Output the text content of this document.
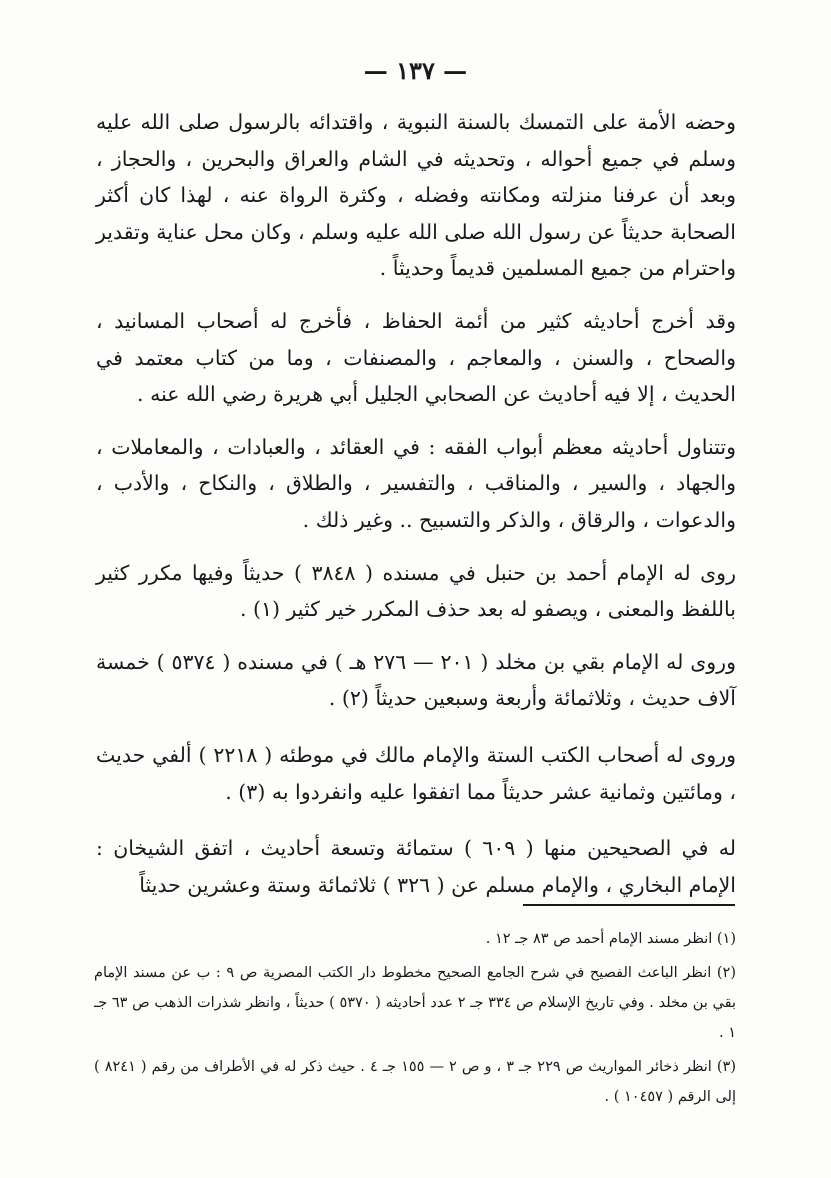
— ١٣٧ —

وحضه الأمة على التمسك بالسنة النبوية ، واقتدائه بالرسول صلى الله عليه وسلم في جميع أحواله ، وتحديثه في الشام والعراق والبحرين ، والحجاز ، وبعد أن عرفنا منزلته ومكانته وفضله ، وكثرة الرواة عنه ، لهذا كان أكثر الصحابة حديثاً عن رسول الله صلى الله عليه وسلم ، وكان محل عناية وتقدير واحترام من جميع المسلمين قديماً وحديثاً .

وقد أخرج أحاديثه كثير من أئمة الحفاظ ، فأخرج له أصحاب المسانيد ، والصحاح ، والسنن ، والمعاجم ، والمصنفات ، وما من كتاب معتمد في الحديث ، إلا فيه أحاديث عن الصحابي الجليل أبي هريرة رضي الله عنه .

وتتناول أحاديثه معظم أبواب الفقه : في العقائد ، والعبادات ، والمعاملات ، والجهاد ، والسير ، والمناقب ، والتفسير ، والطلاق ، والنكاح ، والأدب ، والدعوات ، والرقاق ، والذكر والتسبيح .. وغير ذلك .

روى له الإمام أحمد بن حنبل في مسنده ( ٣٨٤٨ ) حديثاً وفيها مكرر كثير باللفظ والمعنى ، ويصفو له بعد حذف المكرر خير كثير (١) .

وروى له الإمام بقي بن مخلد ( ٢٠١ — ٢٧٦ هـ ) في مسنده ( ٥٣٧٤ ) خمسة آلاف حديث ، وثلاثمائة وأربعة وسبعين حديثاً (٢) .

وروى له أصحاب الكتب الستة والإمام مالك في موطئه ( ٢٢١٨ ) ألفي حديث ، ومائتين وثمانية عشر حديثاً مما اتفقوا عليه وانفردوا به (٣) .

له في الصحيحين منها ( ٦٠٩ ) ستمائة وتسعة أحاديث ، اتفق الشيخان : الإمام البخاري ، والإمام مسلم عن ( ٣٢٦ ) ثلاثمائة وستة وعشرين حديثاً

(١) انظر مسند الإمام أحمد ص ٨٣ جـ ١٢ .

(٢) انظر الباعث الفصيح في شرح الجامع الصحيح مخطوط دار الكتب المصرية ص ٩ : ب عن مسند الإمام بقي بن مخلد . وفي تاريخ الإسلام ص ٣٣٤ جـ ٢ عدد أحاديثه ( ٥٣٧٠ ) حديثاً ، وانظر شذرات الذهب ص ٦٣ جـ ١ .

(٣) انظر ذخائر المواريث ص ٢٢٩ جـ ٣ ، و ص ٢ — ١٥٥ جـ ٤ . حيث ذكر له في الأطراف من رقم ( ٨٢٤١ ) إلى الرقم ( ١٠٤٥٧ ) .
